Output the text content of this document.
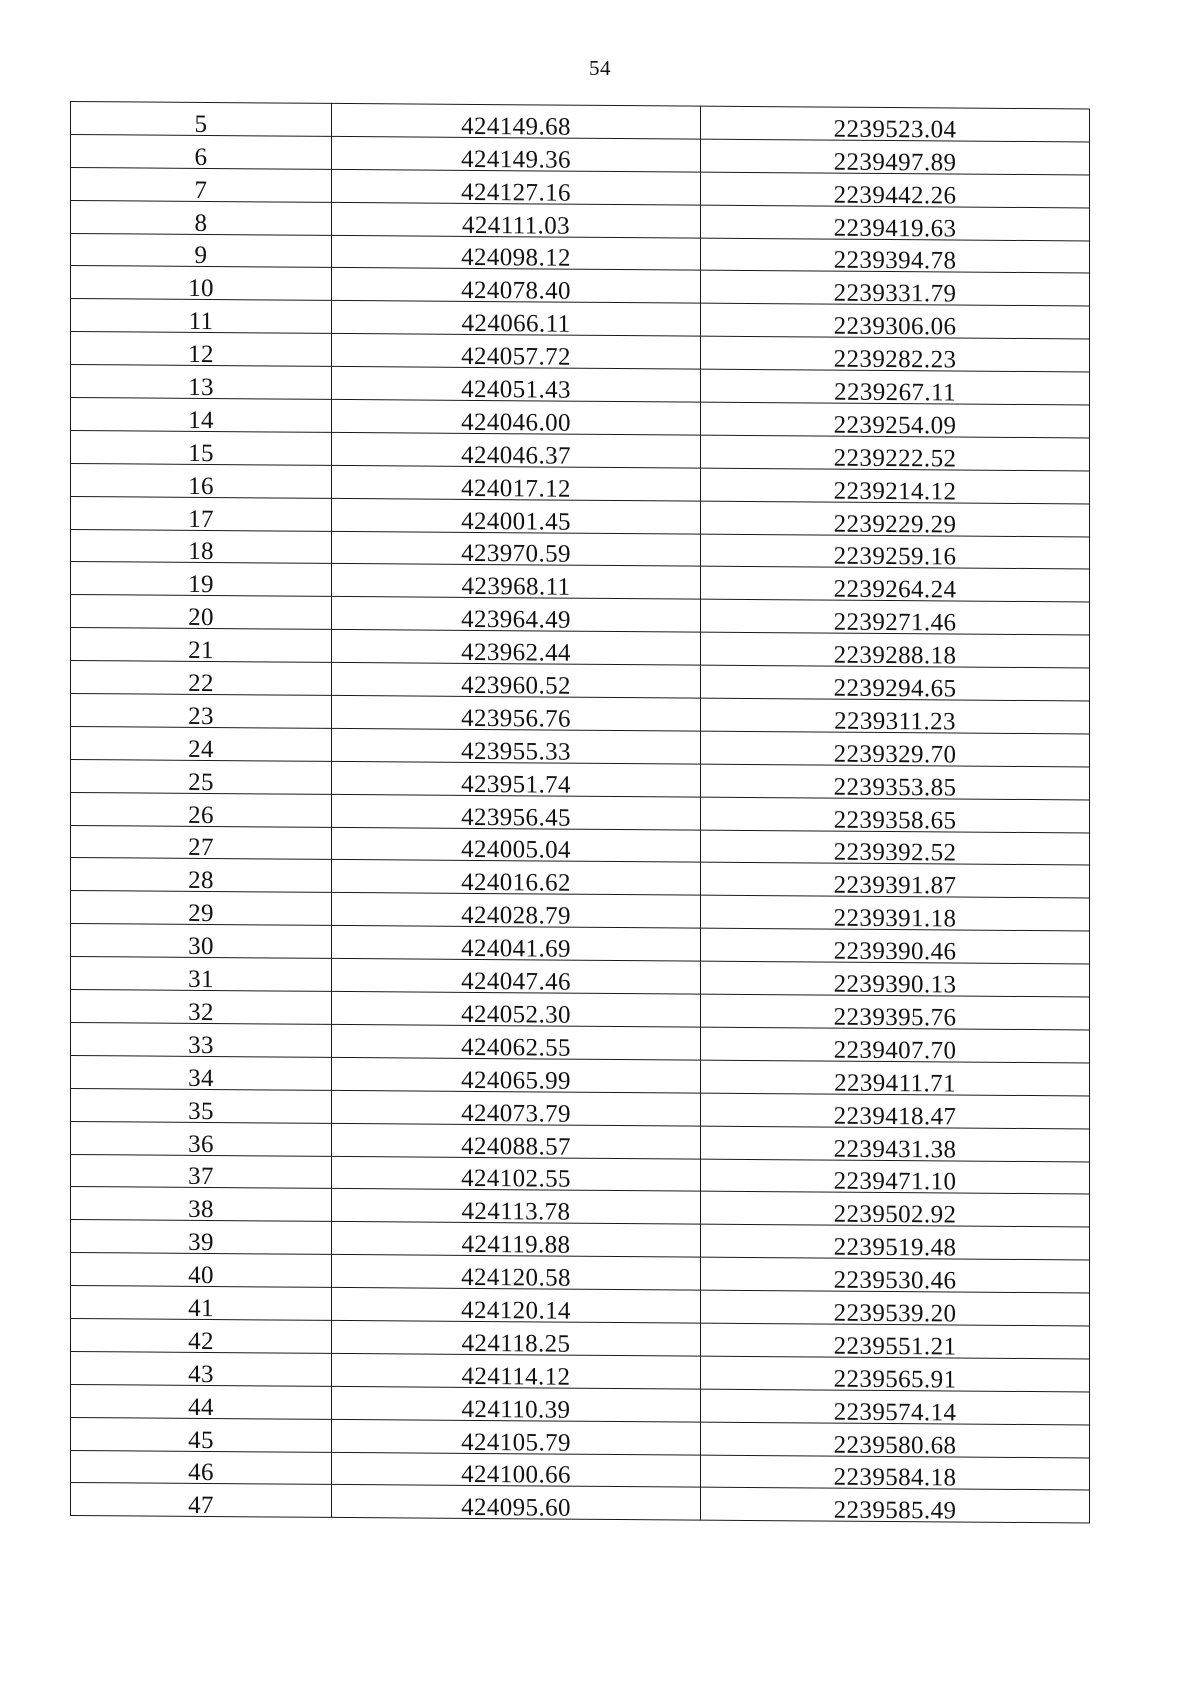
54
5	424149.68	2239523.04
6	424149.36	2239497.89
7	424127.16	2239442.26
8	424111.03	2239419.63
9	424098.12	2239394.78
10	424078.40	2239331.79
11	424066.11	2239306.06
12	424057.72	2239282.23
13	424051.43	2239267.11
14	424046.00	2239254.09
15	424046.37	2239222.52
16	424017.12	2239214.12
17	424001.45	2239229.29
18	423970.59	2239259.16
19	423968.11	2239264.24
20	423964.49	2239271.46
21	423962.44	2239288.18
22	423960.52	2239294.65
23	423956.76	2239311.23
24	423955.33	2239329.70
25	423951.74	2239353.85
26	423956.45	2239358.65
27	424005.04	2239392.52
28	424016.62	2239391.87
29	424028.79	2239391.18
30	424041.69	2239390.46
31	424047.46	2239390.13
32	424052.30	2239395.76
33	424062.55	2239407.70
34	424065.99	2239411.71
35	424073.79	2239418.47
36	424088.57	2239431.38
37	424102.55	2239471.10
38	424113.78	2239502.92
39	424119.88	2239519.48
40	424120.58	2239530.46
41	424120.14	2239539.20
42	424118.25	2239551.21
43	424114.12	2239565.91
44	424110.39	2239574.14
45	424105.79	2239580.68
46	424100.66	2239584.18
47	424095.60	2239585.49
